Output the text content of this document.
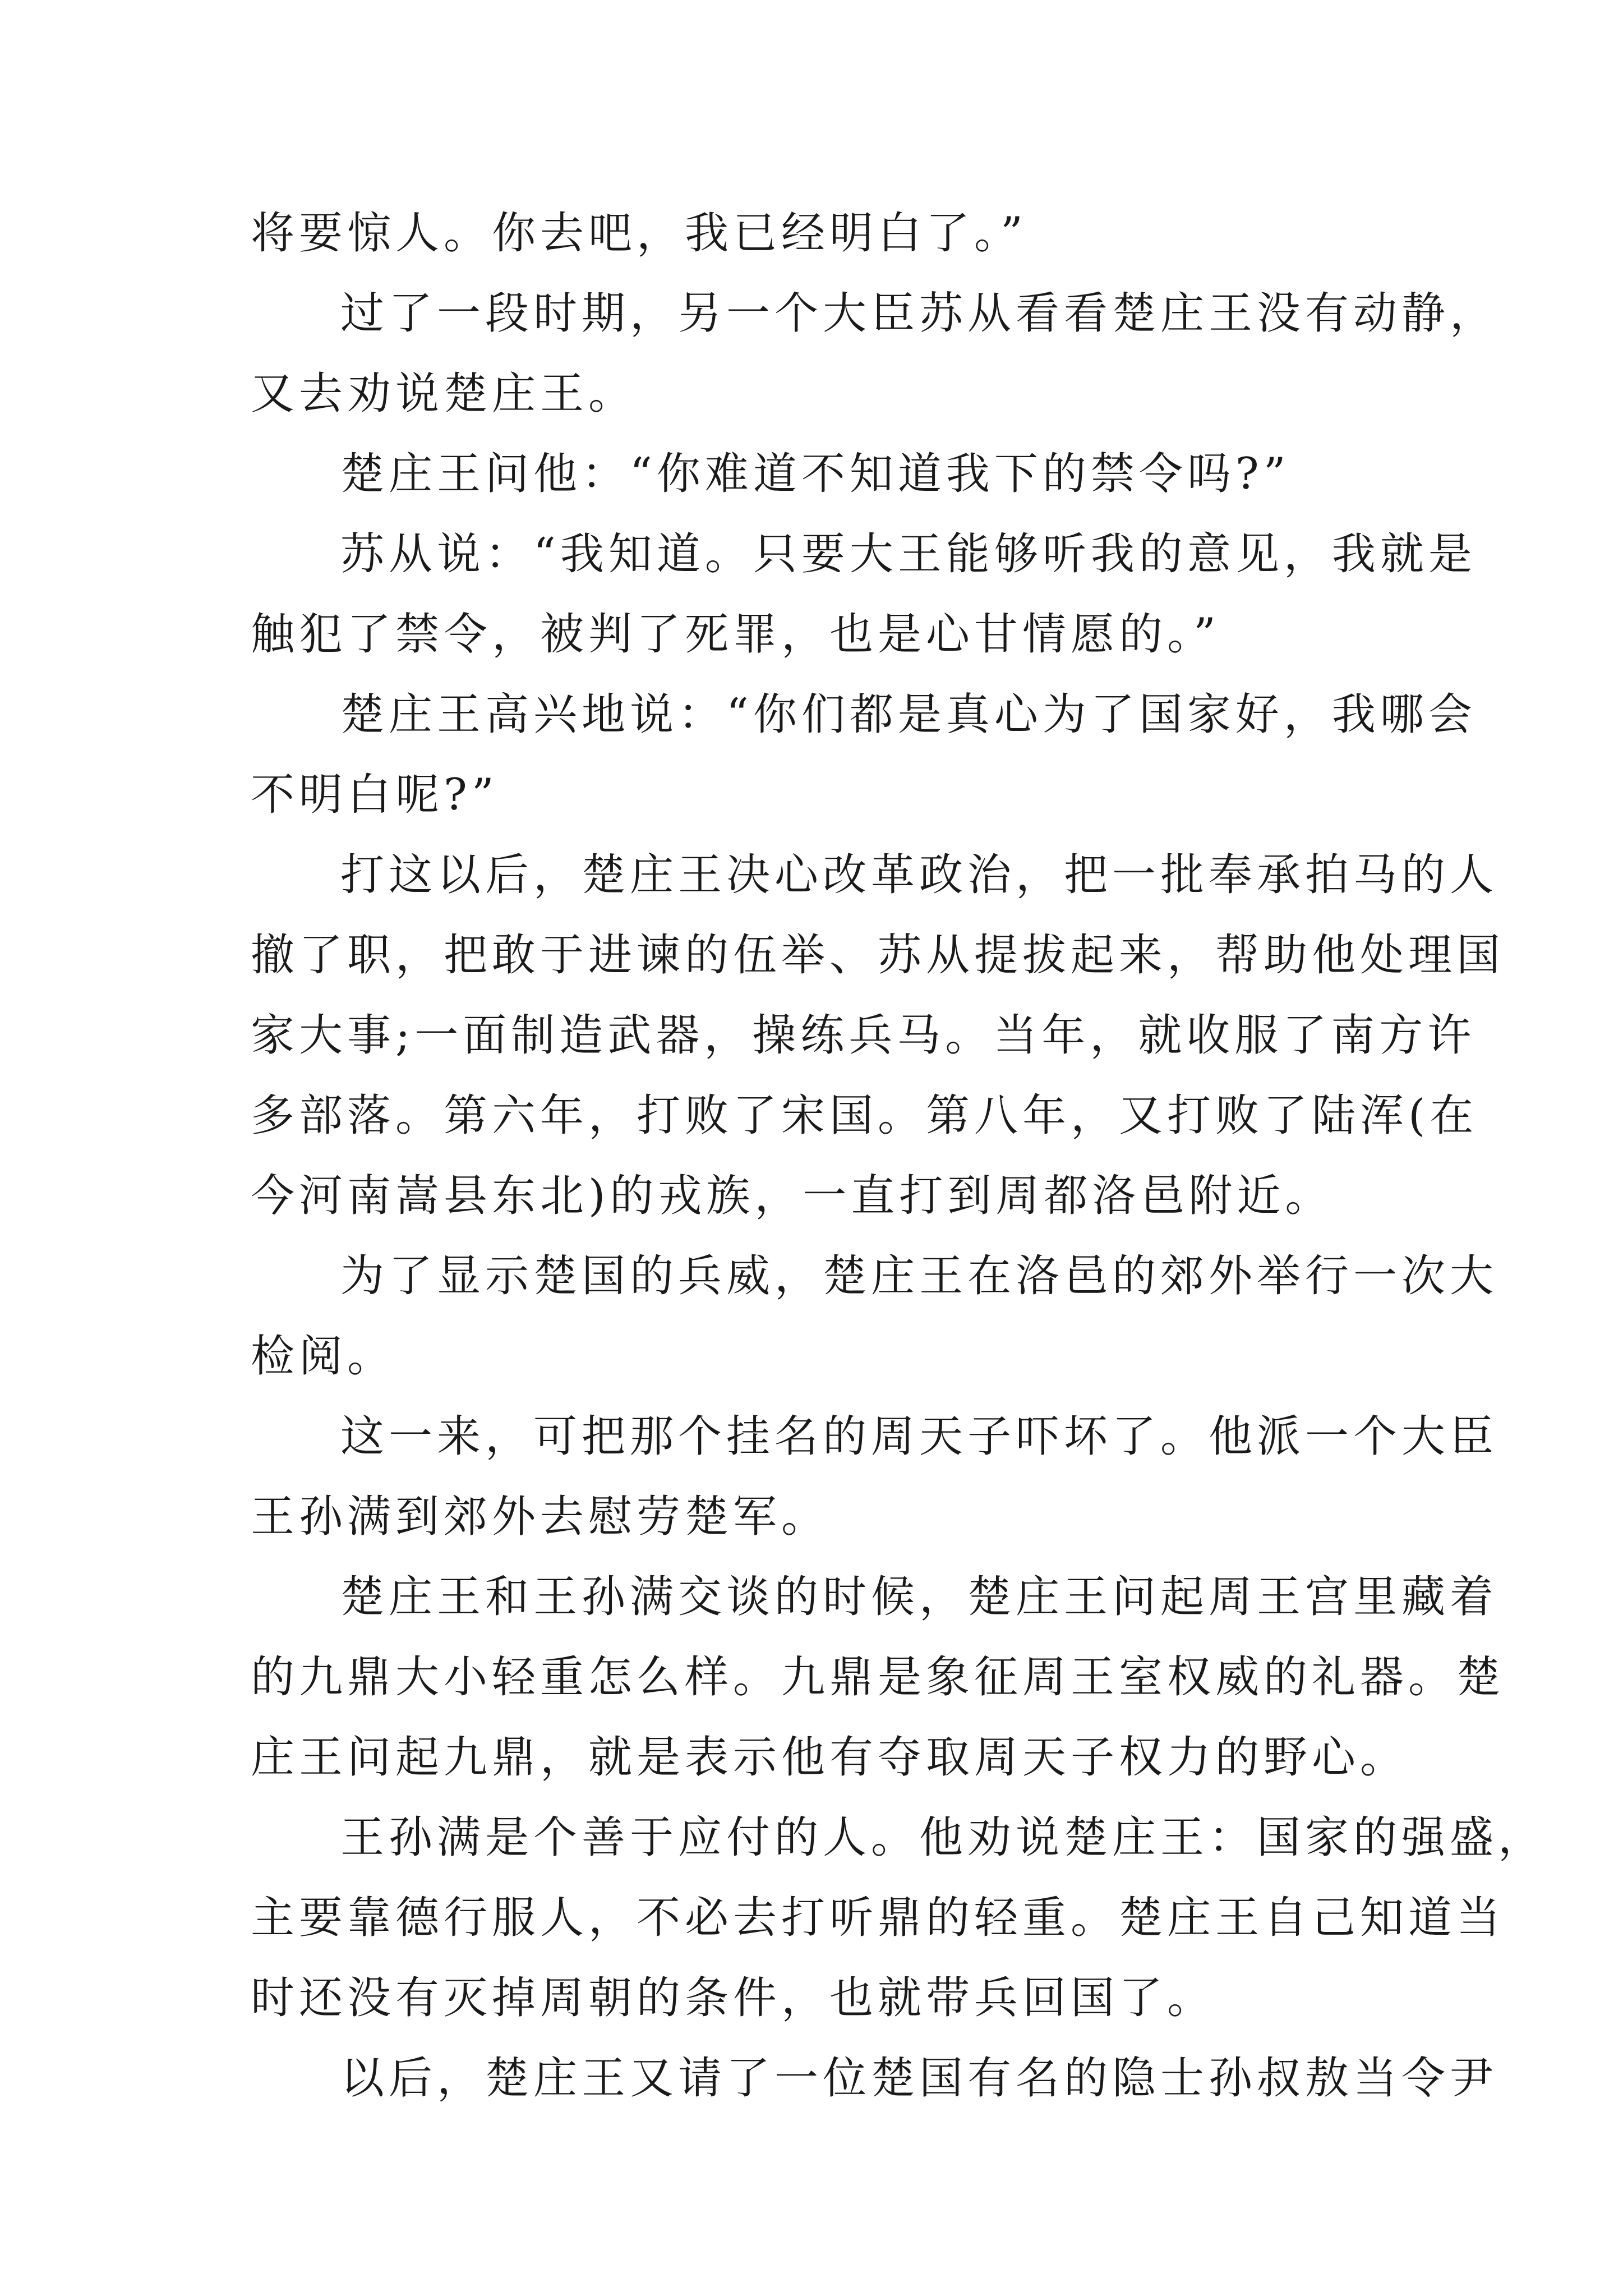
将要惊人。你去吧，我已经明白了。”
过了一段时期，另一个大臣苏从看看楚庄王没有动静，
又去劝说楚庄王。
楚庄王问他：“你难道不知道我下的禁令吗?”
苏从说：“我知道。只要大王能够听我的意见，我就是
触犯了禁令，被判了死罪，也是心甘情愿的。”
楚庄王高兴地说：“你们都是真心为了国家好，我哪会
不明白呢?”
打这以后，楚庄王决心改革政治，把一批奉承拍马的人
撤了职，把敢于进谏的伍举、苏从提拔起来，帮助他处理国
家大事;一面制造武器，操练兵马。当年，就收服了南方许
多部落。第六年，打败了宋国。第八年，又打败了陆浑(在
今河南嵩县东北)的戎族，一直打到周都洛邑附近。
为了显示楚国的兵威，楚庄王在洛邑的郊外举行一次大
检阅。
这一来，可把那个挂名的周天子吓坏了。他派一个大臣
王孙满到郊外去慰劳楚军。
楚庄王和王孙满交谈的时候，楚庄王问起周王宫里藏着
的九鼎大小轻重怎么样。九鼎是象征周王室权威的礼器。楚
庄王问起九鼎，就是表示他有夺取周天子权力的野心。
王孙满是个善于应付的人。他劝说楚庄王：国家的强盛，
主要靠德行服人，不必去打听鼎的轻重。楚庄王自己知道当
时还没有灭掉周朝的条件，也就带兵回国了。
以后，楚庄王又请了一位楚国有名的隐士孙叔敖当令尹
